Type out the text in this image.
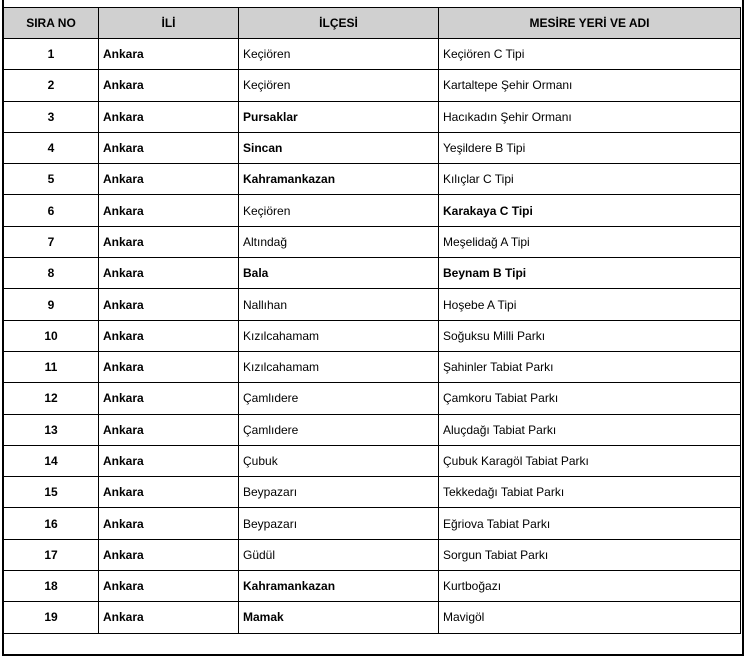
SIRA NO	İLİ	İLÇESİ	MESİRE YERİ VE ADI
1	Ankara	Keçiören	Keçiören C Tipi
2	Ankara	Keçiören	Kartaltepe Şehir Ormanı
3	Ankara	Pursaklar	Hacıkadın Şehir Ormanı
4	Ankara	Sincan	Yeşildere B Tipi
5	Ankara	Kahramankazan	Kılıçlar C Tipi
6	Ankara	Keçiören	Karakaya C Tipi
7	Ankara	Altındağ	Meşelidağ A Tipi
8	Ankara	Bala	Beynam B Tipi
9	Ankara	Nallıhan	Hoşebe A Tipi
10	Ankara	Kızılcahamam	Soğuksu Milli Parkı
11	Ankara	Kızılcahamam	Şahinler Tabiat Parkı
12	Ankara	Çamlıdere	Çamkoru Tabiat Parkı
13	Ankara	Çamlıdere	Aluçdağı Tabiat Parkı
14	Ankara	Çubuk	Çubuk Karagöl Tabiat Parkı
15	Ankara	Beypazarı	Tekkedağı Tabiat Parkı
16	Ankara	Beypazarı	Eğriova Tabiat Parkı
17	Ankara	Güdül	Sorgun Tabiat Parkı
18	Ankara	Kahramankazan	Kurtboğazı
19	Ankara	Mamak	Mavigöl
